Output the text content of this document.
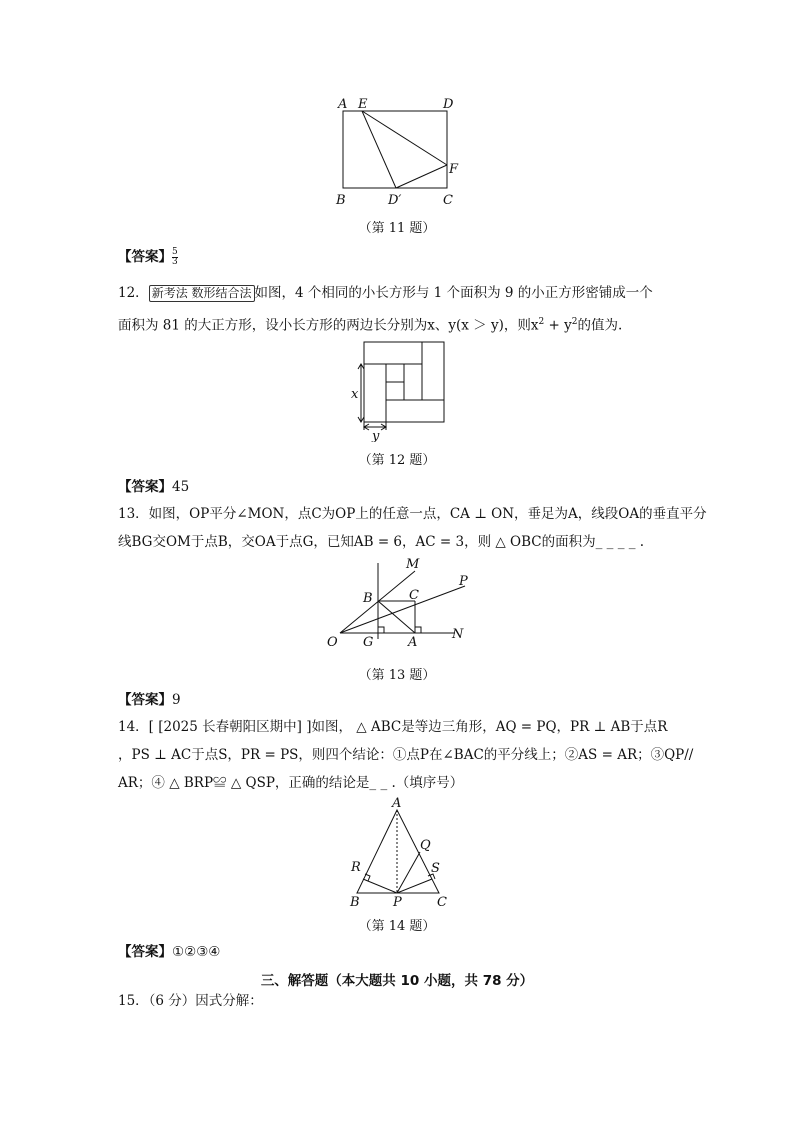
A E	D
F
B	D′	C
（第 11 题）
【答案】 $\frac{5}{3}$
12． 新考法 数形结合法 如图，4 个相同的小长方形与 1 个面积为 9 的小正方形密铺成一个
面积为 81 的大正方形，设小长方形的两边长分别为x、y(x ＞ y)，则$x^2 + y^2$的值为.
x
y
（第 12 题）
【答案】45
13．如图，OP平分∠MON，点C为OP上的任意一点，CA ⊥ ON，垂足为A，线段OA的垂直平分
线BG交OM于点B，交OA于点G，已知AB = 6，AC = 3，则 △ OBC的面积为_ _ _ _ .
M
P
B	C
O G	A
N
（第 13 题）
【答案】9
14．[ [2025 长春朝阳区期中] ]如图， △ ABC是等边三角形，AQ = PQ，PR ⊥ AB于点R
，PS ⊥ AC于点S，PR = PS，则四个结论：①点P在∠BAC的平分线上；②AS = AR；③QP//
AR；④ △ BRP≌ △ QSP，正确的结论是_ _ .（填序号）
A
Q
R	S
B	P	C
（第 14 题）
【答案】①②③④
三、解答题（本大题共 10 小题，共 78 分）
15．（6 分）因式分解：
